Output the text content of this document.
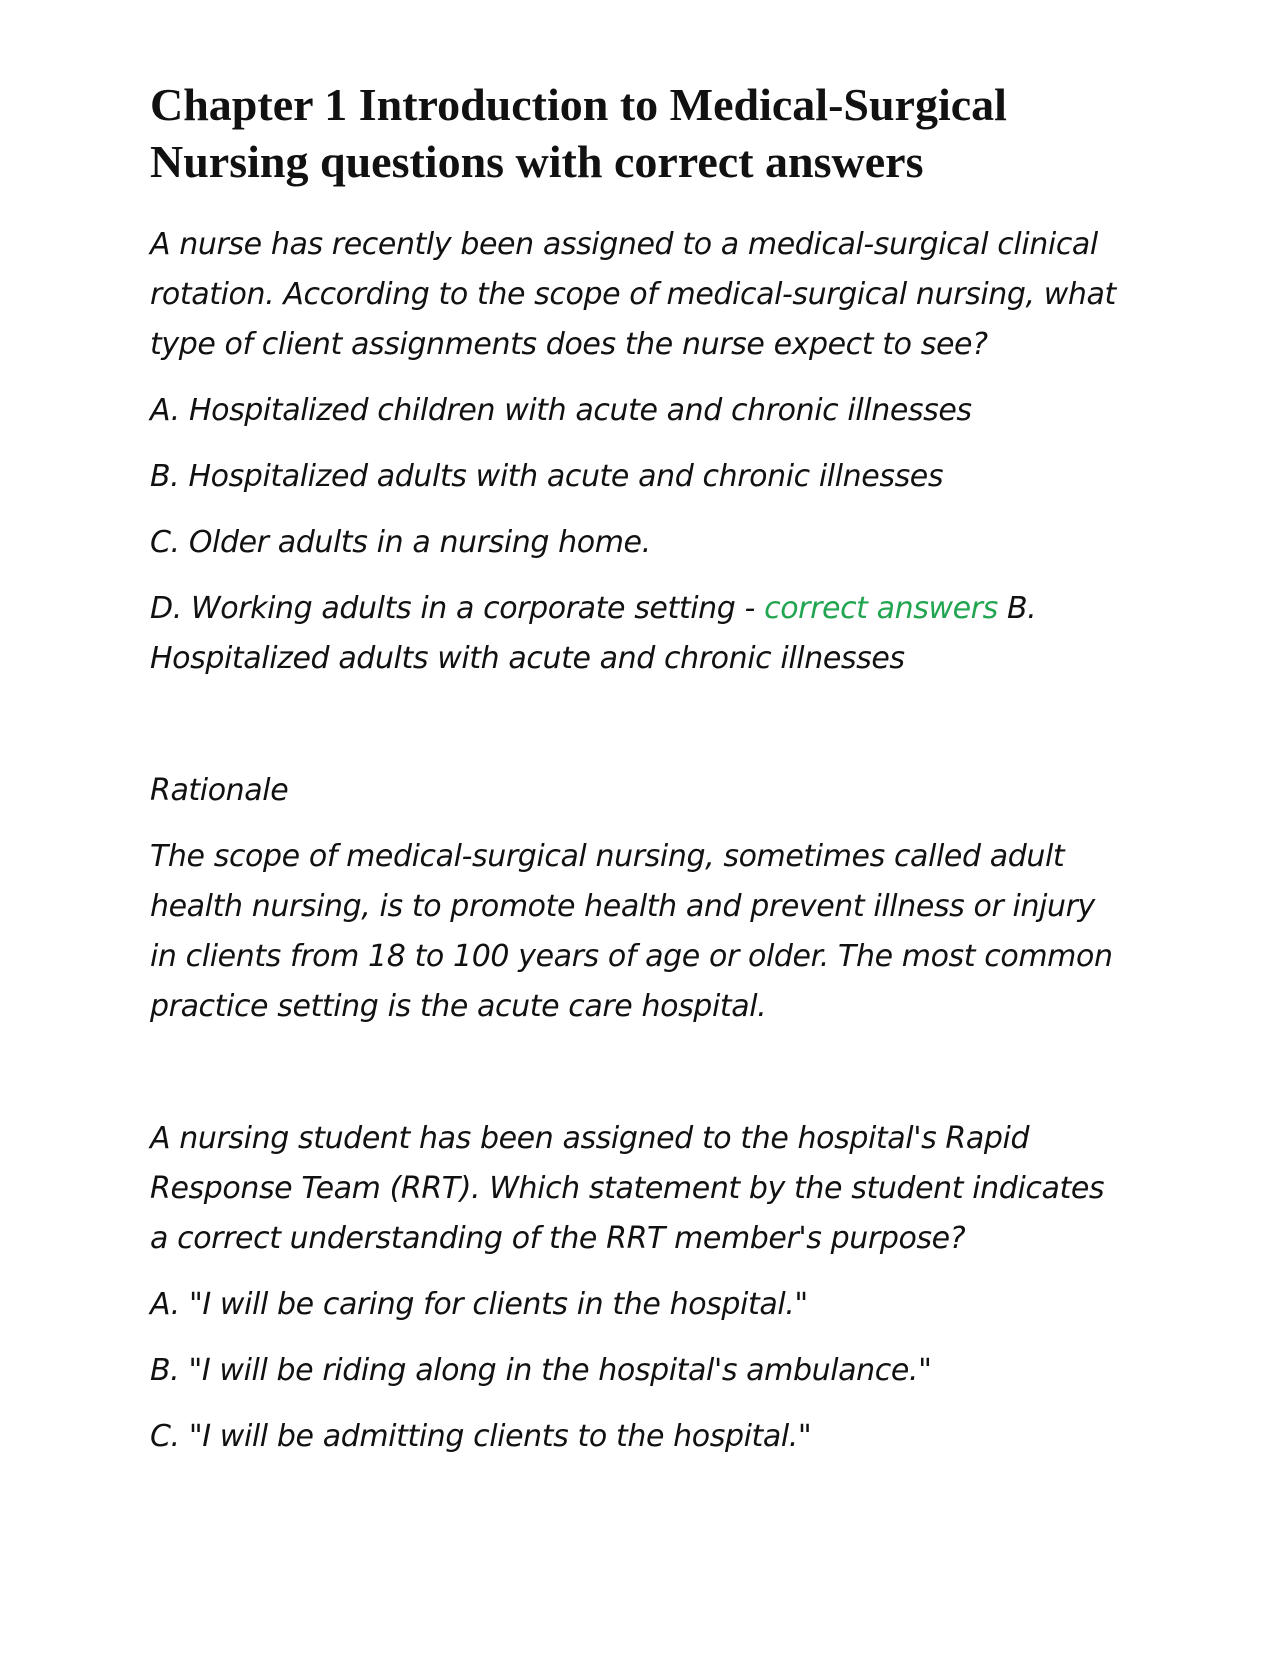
Chapter 1 Introduction to Medical-Surgical Nursing questions with correct answers

A nurse has recently been assigned to a medical-surgical clinical rotation. According to the scope of medical-surgical nursing, what type of client assignments does the nurse expect to see?

A. Hospitalized children with acute and chronic illnesses

B. Hospitalized adults with acute and chronic illnesses

C. Older adults in a nursing home.

D. Working adults in a corporate setting - correct answers B. Hospitalized adults with acute and chronic illnesses

Rationale

The scope of medical-surgical nursing, sometimes called adult health nursing, is to promote health and prevent illness or injury in clients from 18 to 100 years of age or older. The most common practice setting is the acute care hospital.

A nursing student has been assigned to the hospital's Rapid Response Team (RRT). Which statement by the student indicates a correct understanding of the RRT member's purpose?

A. "I will be caring for clients in the hospital."

B. "I will be riding along in the hospital's ambulance."

C. "I will be admitting clients to the hospital."
